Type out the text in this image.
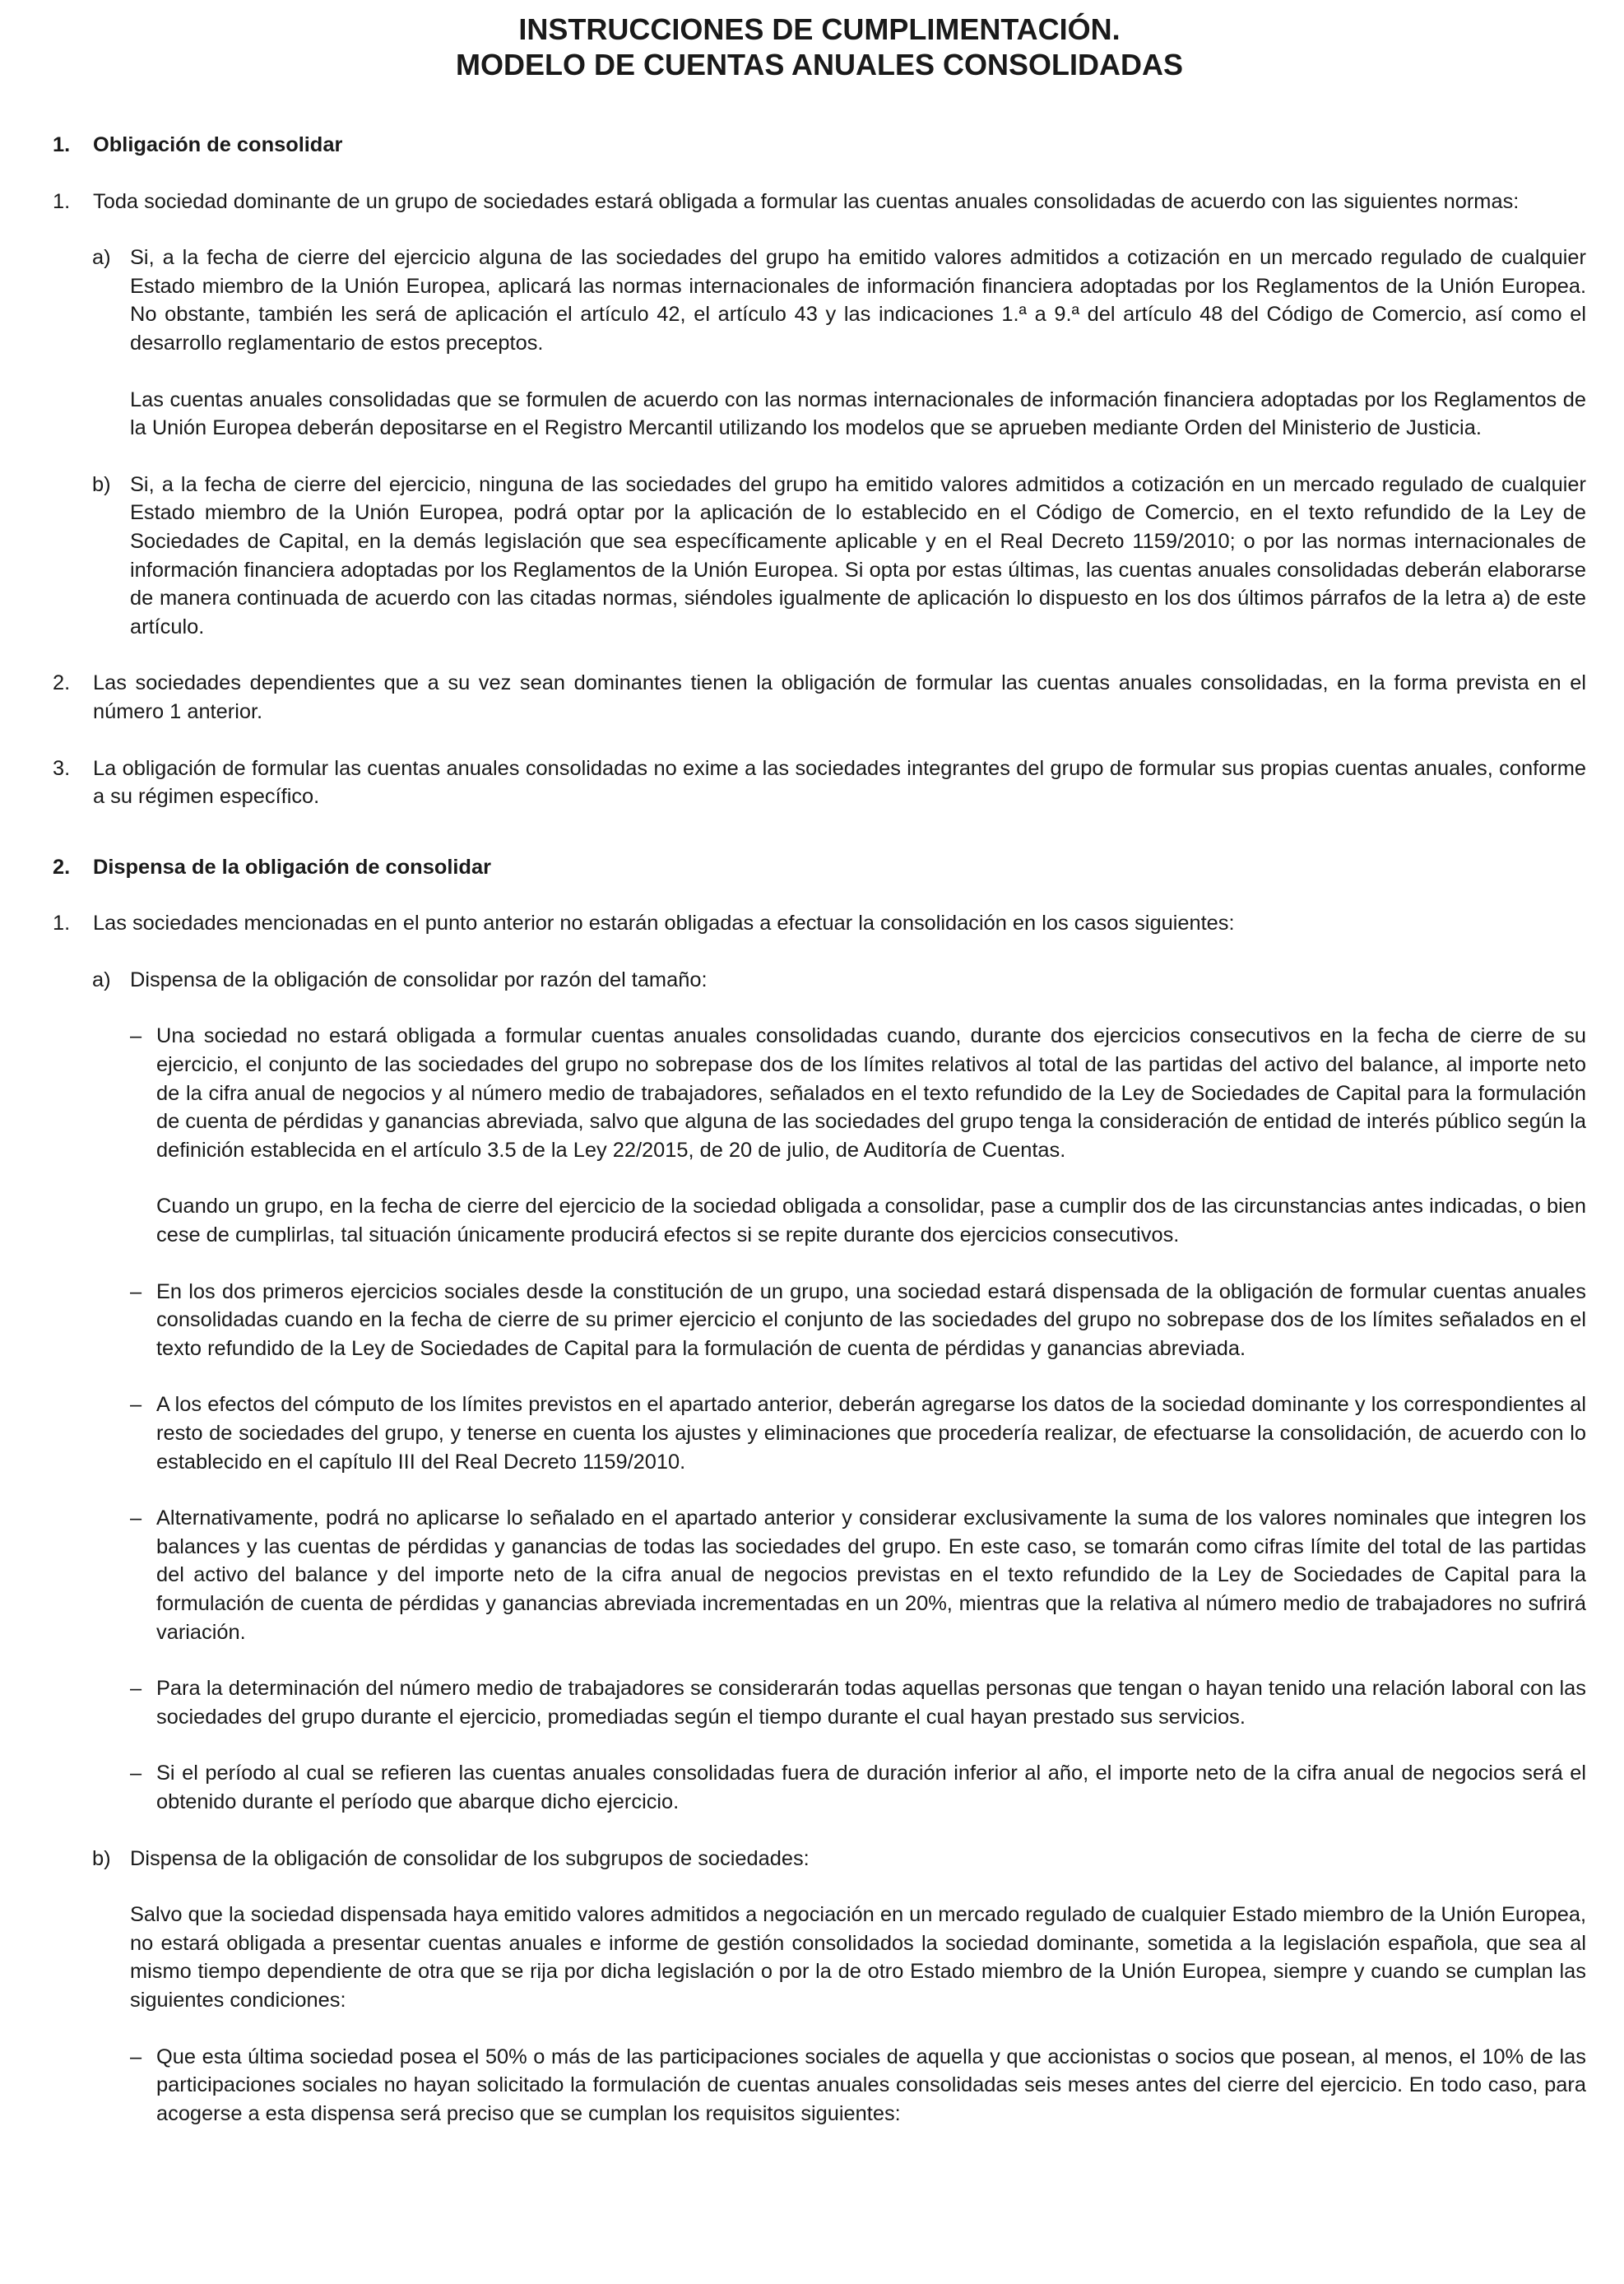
INSTRUCCIONES DE CUMPLIMENTACIÓN.
MODELO DE CUENTAS ANUALES CONSOLIDADAS
1.	Obligación de consolidar
1.	Toda sociedad dominante de un grupo de sociedades estará obligada a formular las cuentas anuales consolidadas de acuerdo con las siguientes normas:
a) Si, a la fecha de cierre del ejercicio alguna de las sociedades del grupo ha emitido valores admitidos a cotización en un mercado regulado de cualquier Estado miembro de la Unión Europea, aplicará las normas internacionales de información financiera adoptadas por los Reglamentos de la Unión Europea. No obstante, también les será de aplicación el artículo 42, el artículo 43 y las indicaciones 1.ª a 9.ª del artículo 48 del Código de Comercio, así como el desarrollo reglamentario de estos preceptos.

Las cuentas anuales consolidadas que se formulen de acuerdo con las normas internacionales de información financiera adoptadas por los Reglamentos de la Unión Europea deberán depositarse en el Registro Mercantil utilizando los modelos que se aprueben mediante Orden del Ministerio de Justicia.

b) Si, a la fecha de cierre del ejercicio, ninguna de las sociedades del grupo ha emitido valores admitidos a cotización en un mercado regulado de cualquier Estado miembro de la Unión Europea, podrá optar por la aplicación de lo establecido en el Código de Comercio, en el texto refundido de la Ley de Sociedades de Capital, en la demás legislación que sea específicamente aplicable y en el Real Decreto 1159/2010; o por las normas internacionales de información financiera adoptadas por los Reglamentos de la Unión Europea. Si opta por estas últimas, las cuentas anuales consolidadas deberán elaborarse de manera continuada de acuerdo con las citadas normas, siéndoles igualmente de aplicación lo dispuesto en los dos últimos párrafos de la letra a) de este artículo.
2.	Las sociedades dependientes que a su vez sean dominantes tienen la obligación de formular las cuentas anuales consolidadas, en la forma prevista en el número 1 anterior.
3.	La obligación de formular las cuentas anuales consolidadas no exime a las sociedades integrantes del grupo de formular sus propias cuentas anuales, conforme a su régimen específico.
2.	Dispensa de la obligación de consolidar
1.	Las sociedades mencionadas en el punto anterior no estarán obligadas a efectuar la consolidación en los casos siguientes:
a) Dispensa de la obligación de consolidar por razón del tamaño:
– Una sociedad no estará obligada a formular cuentas anuales consolidadas cuando, durante dos ejercicios consecutivos en la fecha de cierre de su ejercicio, el conjunto de las sociedades del grupo no sobrepase dos de los límites relativos al total de las partidas del activo del balance, al importe neto de la cifra anual de negocios y al número medio de trabajadores, señalados en el texto refundido de la Ley de Sociedades de Capital para la formulación de cuenta de pérdidas y ganancias abreviada, salvo que alguna de las sociedades del grupo tenga la consideración de entidad de interés público según la definición establecida en el artículo 3.5 de la Ley 22/2015, de 20 de julio, de Auditoría de Cuentas.

Cuando un grupo, en la fecha de cierre del ejercicio de la sociedad obligada a consolidar, pase a cumplir dos de las circunstancias antes indicadas, o bien cese de cumplirlas, tal situación únicamente producirá efectos si se repite durante dos ejercicios consecutivos.

– En los dos primeros ejercicios sociales desde la constitución de un grupo, una sociedad estará dispensada de la obligación de formular cuentas anuales consolidadas cuando en la fecha de cierre de su primer ejercicio el conjunto de las sociedades del grupo no sobrepase dos de los límites señalados en el texto refundido de la Ley de Sociedades de Capital para la formulación de cuenta de pérdidas y ganancias abreviada.
– A los efectos del cómputo de los límites previstos en el apartado anterior, deberán agregarse los datos de la sociedad dominante y los correspondientes al resto de sociedades del grupo, y tenerse en cuenta los ajustes y eliminaciones que procedería realizar, de efectuarse la consolidación, de acuerdo con lo establecido en el capítulo III del Real Decreto 1159/2010.
– Alternativamente, podrá no aplicarse lo señalado en el apartado anterior y considerar exclusivamente la suma de los valores nominales que integren los balances y las cuentas de pérdidas y ganancias de todas las sociedades del grupo. En este caso, se tomarán como cifras límite del total de las partidas del activo del balance y del importe neto de la cifra anual de negocios previstas en el texto refundido de la Ley de Sociedades de Capital para la formulación de cuenta de pérdidas y ganancias abreviada incrementadas en un 20%, mientras que la relativa al número medio de trabajadores no sufrirá variación.
– Para la determinación del número medio de trabajadores se considerarán todas aquellas personas que tengan o hayan tenido una relación laboral con las sociedades del grupo durante el ejercicio, promediadas según el tiempo durante el cual hayan prestado sus servicios.
– Si el período al cual se refieren las cuentas anuales consolidadas fuera de duración inferior al año, el importe neto de la cifra anual de negocios será el obtenido durante el período que abarque dicho ejercicio.
b) Dispensa de la obligación de consolidar de los subgrupos de sociedades:

Salvo que la sociedad dispensada haya emitido valores admitidos a negociación en un mercado regulado de cualquier Estado miembro de la Unión Europea, no estará obligada a presentar cuentas anuales e informe de gestión consolidados la sociedad dominante, sometida a la legislación española, que sea al mismo tiempo dependiente de otra que se rija por dicha legislación o por la de otro Estado miembro de la Unión Europea, siempre y cuando se cumplan las siguientes condiciones:

– Que esta última sociedad posea el 50% o más de las participaciones sociales de aquella y que accionistas o socios que posean, al menos, el 10% de las participaciones sociales no hayan solicitado la formulación de cuentas anuales consolidadas seis meses antes del cierre del ejercicio. En todo caso, para acogerse a esta dispensa será preciso que se cumplan los requisitos siguientes:
